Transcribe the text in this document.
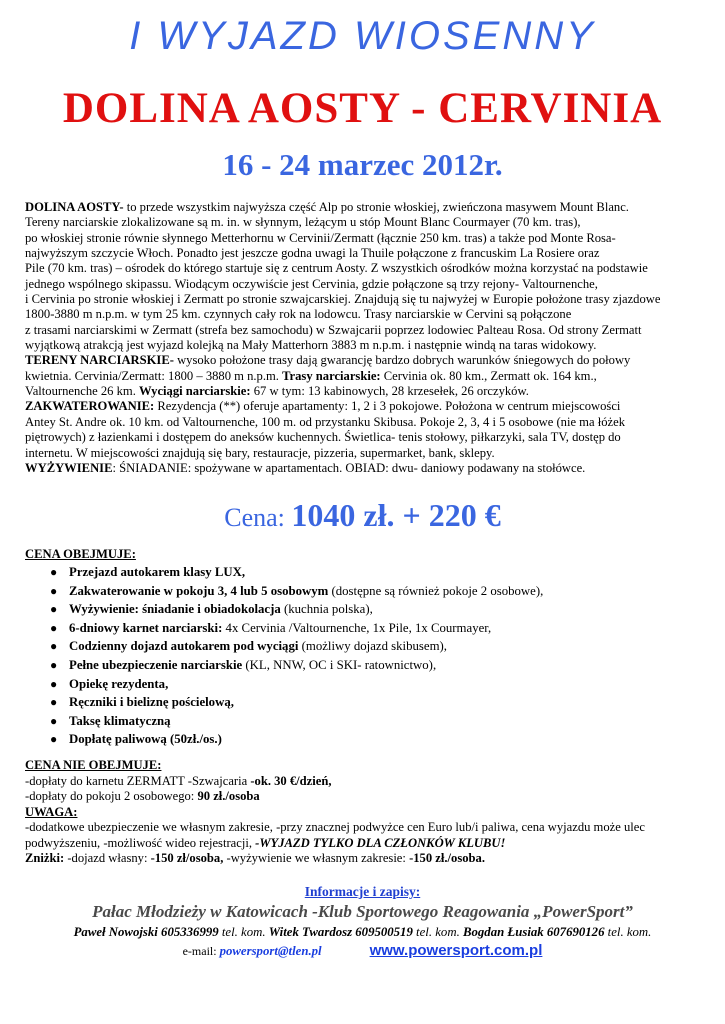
I WYJAZD WIOSENNY
DOLINA AOSTY - CERVINIA
16 - 24 marzec 2012r.
DOLINA AOSTY- to przede wszystkim najwyższa część Alp po stronie włoskiej, zwieńczona masywem Mount Blanc.
Tereny narciarskie zlokalizowane są m. in. w słynnym, leżącym u stóp Mount Blanc Courmayer (70 km. tras),
po włoskiej stronie równie słynnego Metterhornu w Cervinii/Zermatt (łącznie 250 km. tras) a także pod Monte Rosa-
najwyższym szczycie Włoch. Ponadto jest jeszcze godna uwagi la Thuile połączone z francuskim La Rosiere oraz
Pile (70 km. tras) – ośrodek do którego startuje się z centrum Aosty. Z wszystkich ośrodków można korzystać na podstawie
jednego wspólnego skipassu. Wiodącym oczywiście jest Cervinia, gdzie połączone są trzy rejony- Valtournenche,
i Cervinia po stronie włoskiej i Zermatt po stronie szwajcarskiej. Znajdują się tu najwyżej w Europie położone trasy zjazdowe
1800-3880 m n.p.m. w tym 25 km. czynnych cały rok na lodowcu. Trasy narciarskie w Cervini są połączone
z trasami narciarskimi w Zermatt (strefa bez samochodu) w Szwajcarii poprzez lodowiec Palteau Rosa. Od strony Zermatt
wyjątkową atrakcją jest wyjazd kolejką na Mały Matterhorn 3883 m n.p.m. i następnie windą na taras widokowy.
TERENY NARCIARSKIE- wysoko położone trasy dają gwarancję bardzo dobrych warunków śniegowych do połowy
kwietnia. Cervinia/Zermatt: 1800 – 3880 m n.p.m. Trasy narciarskie: Cervinia ok. 80 km., Zermatt ok. 164 km.,
Valtournenche 26 km. Wyciągi narciarskie: 67 w tym: 13 kabinowych, 28 krzesełek, 26 orczyków.
ZAKWATEROWANIE: Rezydencja (**) oferuje apartamenty: 1, 2 i 3 pokojowe. Położona w centrum miejscowości
Antey St. Andre ok. 10 km. od Valtournenche, 100 m. od przystanku Skibusa. Pokoje 2, 3, 4 i 5 osobowe (nie ma łóżek
piętrowych) z łazienkami i dostępem do aneksów kuchennych. Świetlica- tenis stołowy, piłkarzyki, sala TV, dostęp do
internetu. W miejscowości znajdują się bary, restauracje, pizzeria, supermarket, bank, sklepy.
WYŻYWIENIE: ŚNIADANIE: spożywane w apartamentach. OBIAD: dwu- daniowy podawany na stołówce.
Cena: 1040 zł. + 220 €
CENA OBEJMUJE:
● Przejazd autokarem klasy LUX,
● Zakwaterowanie w pokoju 3, 4 lub 5 osobowym (dostępne są również pokoje 2 osobowe),
● Wyżywienie: śniadanie i obiadokolacja (kuchnia polska),
● 6-dniowy karnet narciarski: 4x Cervinia /Valtournenche, 1x Pile, 1x Courmayer,
● Codzienny dojazd autokarem pod wyciągi (możliwy dojazd skibusem),
● Pełne ubezpieczenie narciarskie (KL, NNW, OC i SKI- ratownictwo),
● Opiekę rezydenta,
● Ręczniki i bieliznę pościelową,
● Taksę klimatyczną
● Dopłatę paliwową (50zł./os.)
CENA NIE OBEJMUJE:
-dopłaty do karnetu ZERMATT -Szwajcaria -ok. 30 €/dzień,
-dopłaty do pokoju 2 osobowego: 90 zł./osoba
UWAGA:
-dodatkowe ubezpieczenie we własnym zakresie, -przy znacznej podwyżce cen Euro lub/i paliwa, cena wyjazdu może ulec
podwyższeniu, -możliwość wideo rejestracji, -WYJAZD TYLKO DLA CZŁONKÓW KLUBU!
Zniżki: -dojazd własny: -150 zł/osoba, -wyżywienie we własnym zakresie: -150 zł./osoba.
Informacje i zapisy:
Pałac Młodzieży w Katowicach -Klub Sportowego Reagowania „PowerSport”
Paweł Nowojski 605336999 tel. kom. Witek Twardosz 609500519 tel. kom. Bogdan Łusiak 607690126 tel. kom.
e-mail: powersport@tlen.pl	www.powersport.com.pl
